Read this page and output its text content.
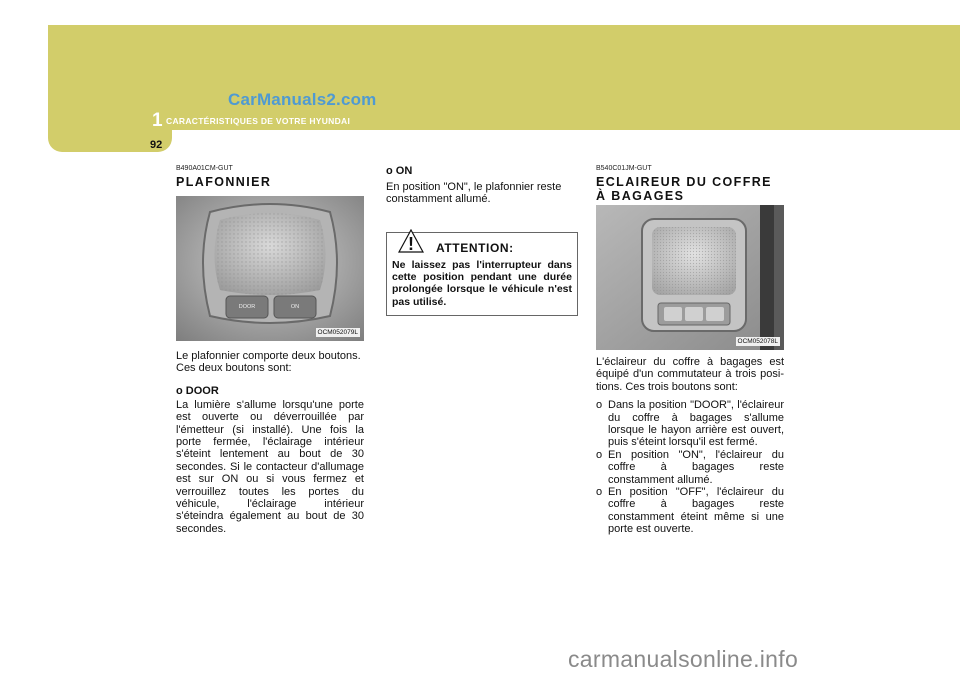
CarManuals2.com
1 CARACTÉRISTIQUES DE VOTRE HYUNDAI
92
B490A01CM-GUT
PLAFONNIER
DOOR	ON
OCM052079L

Le plafonnier comporte deux boutons. Ces deux boutons sont:

o DOOR

La lumière s'allume lorsqu'une porte est ouverte ou déverrouillée par l'émetteur (si installé). Une fois la porte fermée, l'éclairage intérieur s'éteint lentement au bout de 30 secondes. Si le contacteur d'allumage est sur ON ou si vous fermez et verrouillez toutes les portes du véhicule, l'éclairage intérieur s'éteindra également au bout de 30 secondes.

o ON

En position "ON", le plafonnier reste constamment allumé.

! ATTENTION:

Ne laissez pas l'interrupteur dans cette position pendant une durée prolongée lorsque le véhicule n'est pas utilisé.

B540C01JM-GUT
ECLAIREUR DU COFFRE À BAGAGES
OCM052078L

L'éclaireur du coffre à bagages est équipé d'un commutateur à trois posi-tions. Ces trois boutons sont:

o Dans la position "DOOR", l'éclaireur du coffre à bagages s'allume lorsque le hayon arrière est ouvert, puis s'éteint lorsqu'il est fermé.
o En position "ON", l'éclaireur du coffre à bagages reste constamment allumé.
o En position "OFF", l'éclaireur du coffre à bagages reste constamment éteint même si une porte est ouverte.
carmanualsonline.info
